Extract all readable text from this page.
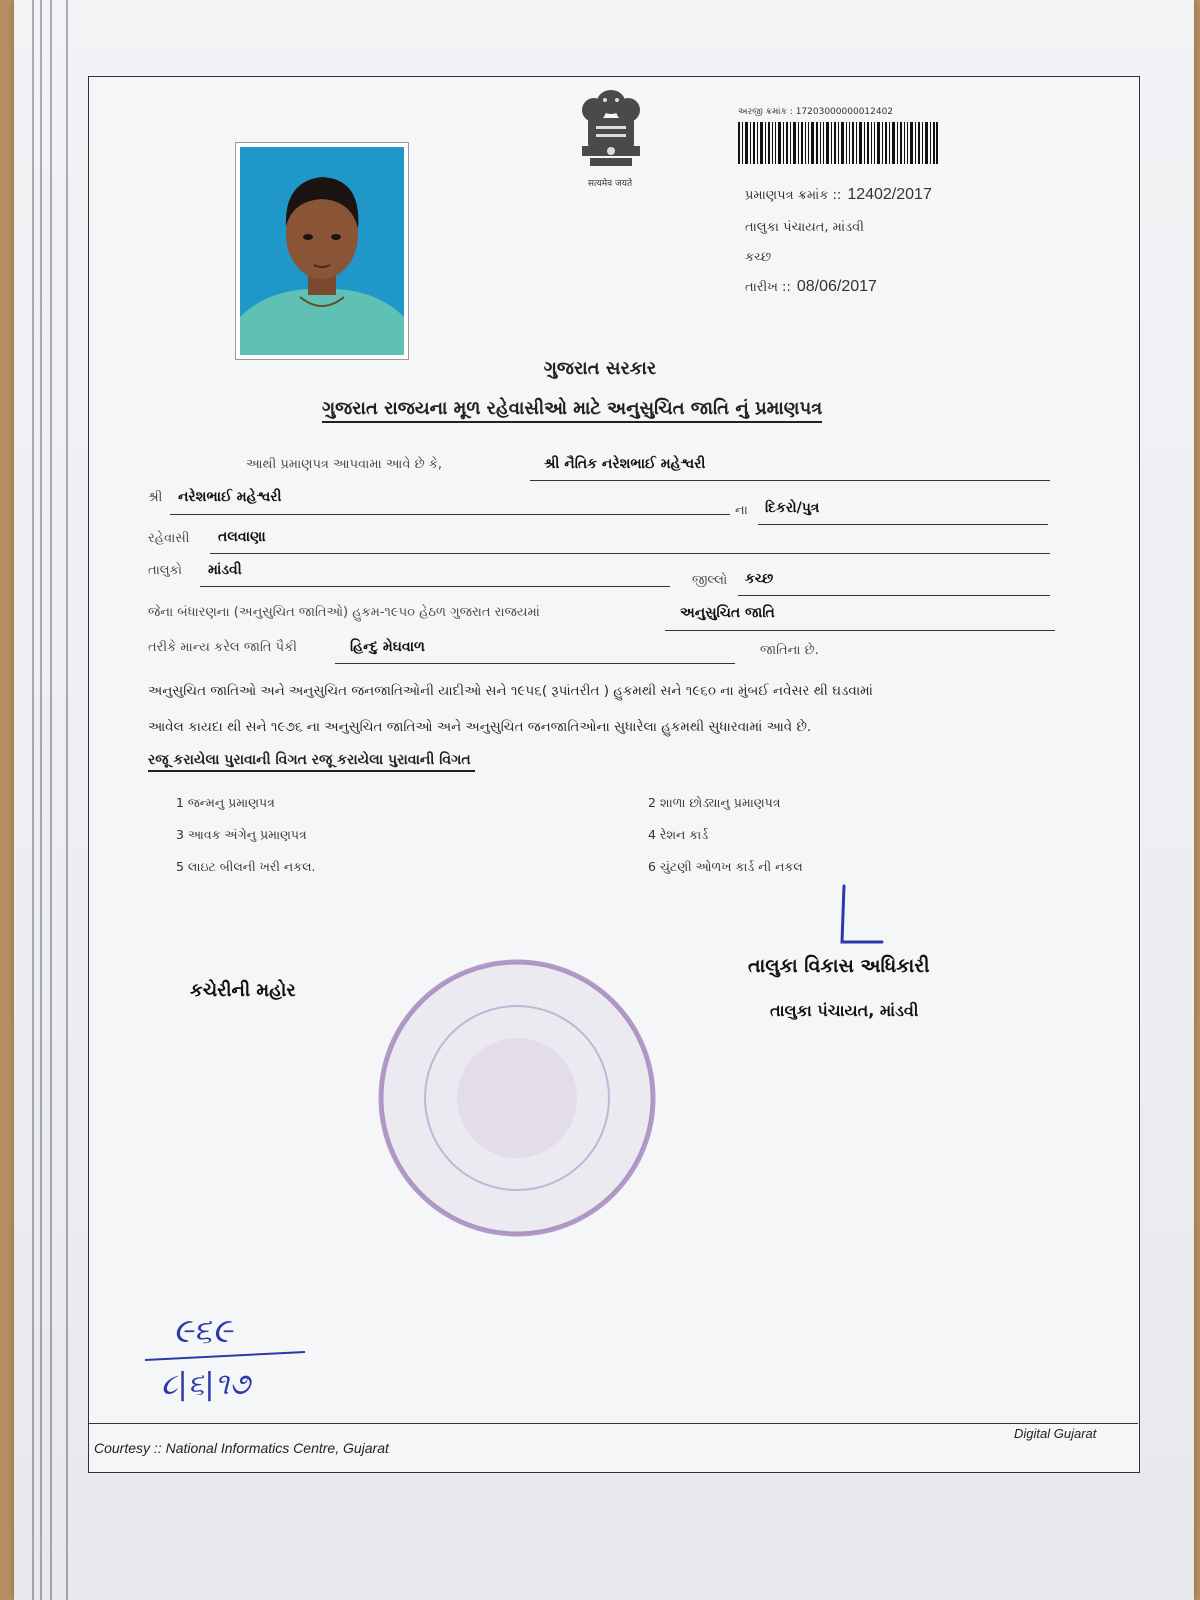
सत्यमेव जयते
અરજી ક્રમાંક : 17203000000012402
પ્રમાણપત્ર ક્રમાંક :: 12402/2017
તાલુકા પંચાયત, માંડવી
કચ્છ
તારીખ :: 08/06/2017
ગુજરાત સરકાર
ગુજરાત રાજયના મૂળ રહેવાસીઓ માટે અનુસુચિત જાતિ નું પ્રમાણપત્ર
આથી પ્રમાણપત્ર આપવામા આવે છે કે,	શ્રી નૈતિક નરેશભાઈ મહેશ્વરી
શ્રી નરેશભાઈ મહેશ્વરી
ના દિકરો/પુત્ર
રહેવાસી તલવાણા
તાલુકો માંડવી
જીલ્લો કચ્છ
જેના બંધારણના (અનુસુચિત જાતિઓ) હુકમ-૧૯૫૦ હેઠળ ગુજરાત રાજયમાં	અનુસુચિત જાતિ
તરીકે માન્ય કરેલ જાતિ પૈકી	હિન્દુ મેઘવાળ	જાતિના છે.
અનુસુચિત જાતિઓ અને અનુસુચિત જનજાતિઓની યાદીઓ સને ૧૯૫૬( રૂપાંતરીત ) હુકમથી સને ૧૯૬૦ ના મુંબઈ નવેસર થી ઘડવામાં
આવેલ કાયદા થી સને ૧૯૭૬ ના અનુસુચિત જાતિઓ અને અનુસુચિત જનજાતિઓના સુધારેલા હુકમથી સુધારવામાં આવે છે.
રજૂ કરાયેલા પુરાવાની વિગત રજૂ કરાયેલા પુરાવાની વિગત
1 જન્મનુ પ્રમાણપત્ર	2 શાળા છોડ્યાનુ પ્રમાણપત્ર
3 આવક અંગેનુ પ્રમાણપત્ર	4 રેશન કાર્ડ
5 લાઇટ બીલની ખરી નકલ.	6 ચુંટણી ઓળખ કાર્ડ ની નકલ
કચેરીની મહોર
તાલુકા વિકાસ અધિકારી
તાલુકા પંચાયત, માંડવી
૯૬૯
૮|૬|૧૭
Courtesy :: National Informatics Centre, Gujarat
Digital Gujarat
